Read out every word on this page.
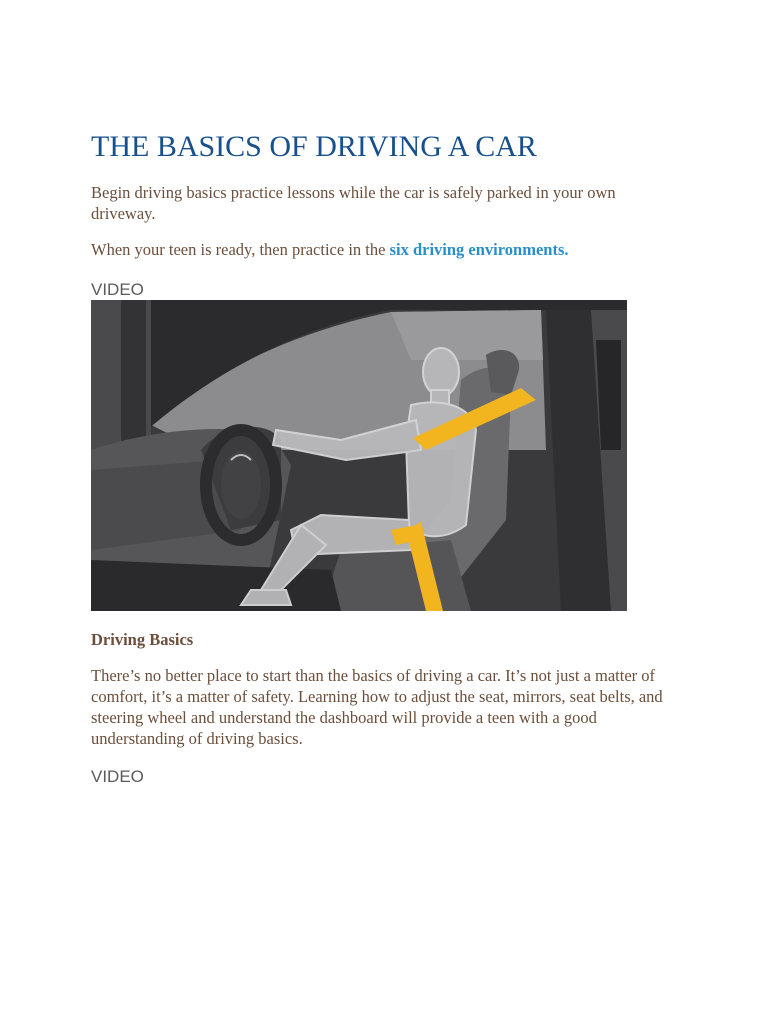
THE BASICS OF DRIVING A CAR

Begin driving basics practice lessons while the car is safely parked in your own driveway.

When your teen is ready, then practice in the six driving environments.

VIDEO
Driving Basics

There’s no better place to start than the basics of driving a car. It’s not just a matter of comfort, it’s a matter of safety. Learning how to adjust the seat, mirrors, seat belts, and steering wheel and understand the dashboard will provide a teen with a good understanding of driving basics.

VIDEO
